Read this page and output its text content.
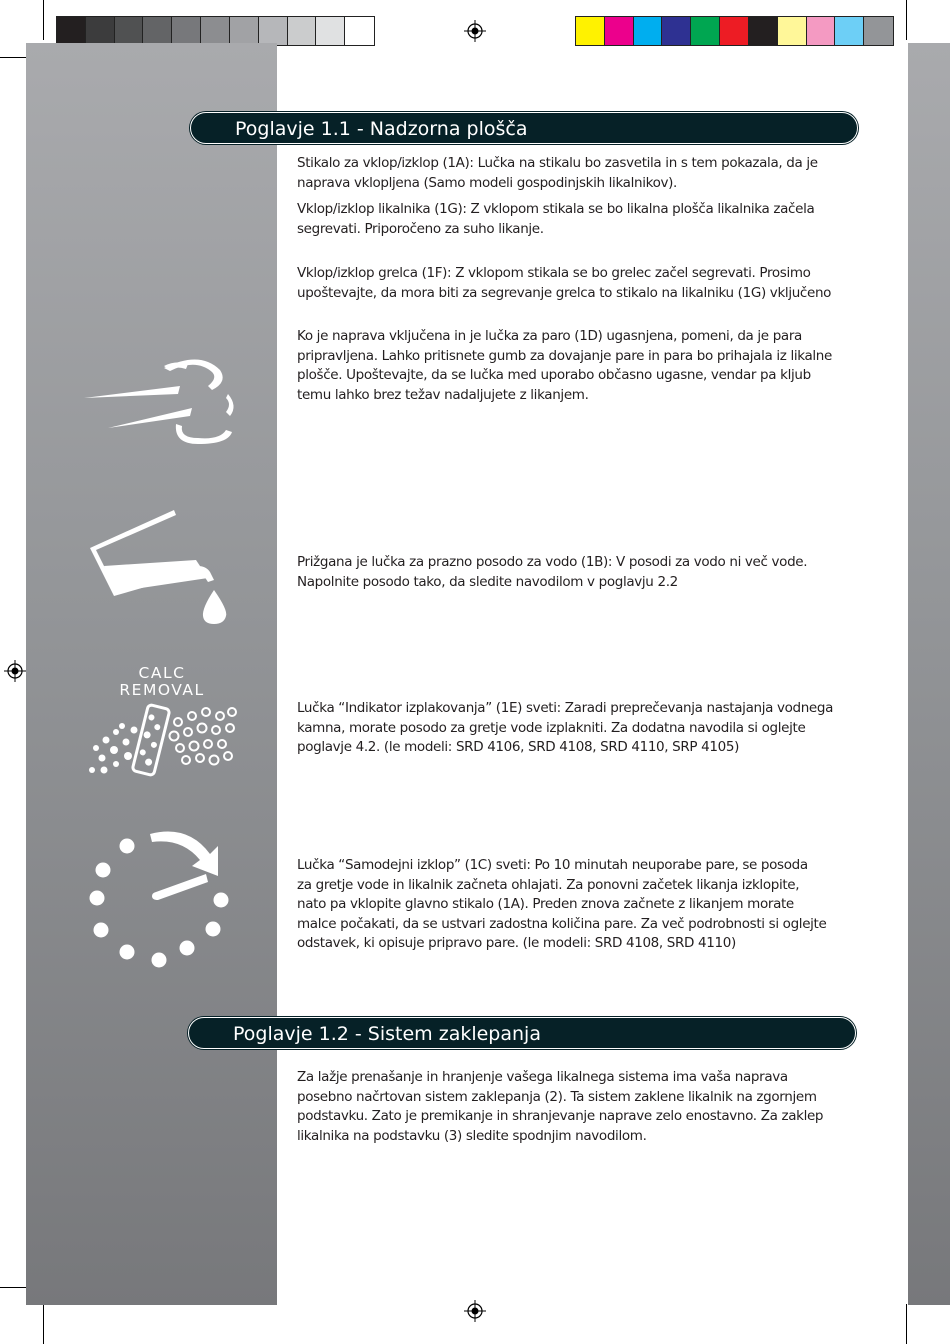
CALC
REMOVAL
Poglavje 1.1 - Nadzorna plošča

Stikalo za vklop/izklop (1A): Lučka na stikalu bo zasvetila in s tem pokazala, da je
naprava vklopljena (Samo modeli gospodinjskih likalnikov).

Vklop/izklop likalnika (1G): Z vklopom stikala se bo likalna plošča likalnika začela
segrevati. Priporočeno za suho likanje.

Vklop/izklop grelca (1F): Z vklopom stikala se bo grelec začel segrevati. Prosimo
upoštevajte, da mora biti za segrevanje grelca to stikalo na likalniku (1G) vključeno

Ko je naprava vključena in je lučka za paro (1D) ugasnjena, pomeni, da je para
pripravljena. Lahko pritisnete gumb za dovajanje pare in para bo prihajala iz likalne
plošče. Upoštevajte, da se lučka med uporabo občasno ugasne, vendar pa kljub
temu lahko brez težav nadaljujete z likanjem.

Prižgana je lučka za prazno posodo za vodo (1B): V posodi za vodo ni več vode.
Napolnite posodo tako, da sledite navodilom v poglavju 2.2

Lučka “Indikator izplakovanja” (1E) sveti: Zaradi preprečevanja nastajanja vodnega
kamna, morate posodo za gretje vode izplakniti. Za dodatna navodila si oglejte
poglavje 4.2. (le modeli: SRD 4106, SRD 4108, SRD 4110, SRP 4105)

Lučka “Samodejni izklop” (1C) sveti: Po 10 minutah neuporabe pare, se posoda
za gretje vode in likalnik začneta ohlajati. Za ponovni začetek likanja izklopite,
nato pa vklopite glavno stikalo (1A). Preden znova začnete z likanjem morate
malce počakati, da se ustvari zadostna količina pare. Za več podrobnosti si oglejte
odstavek, ki opisuje pripravo pare. (le modeli: SRD 4108, SRD 4110)

Poglavje 1.2 - Sistem zaklepanja

Za lažje prenašanje in hranjenje vašega likalnega sistema ima vaša naprava
posebno načrtovan sistem zaklepanja (2). Ta sistem zaklene likalnik na zgornjem
podstavku. Zato je premikanje in shranjevanje naprave zelo enostavno. Za zaklep
likalnika na podstavku (3) sledite spodnjim navodilom.
